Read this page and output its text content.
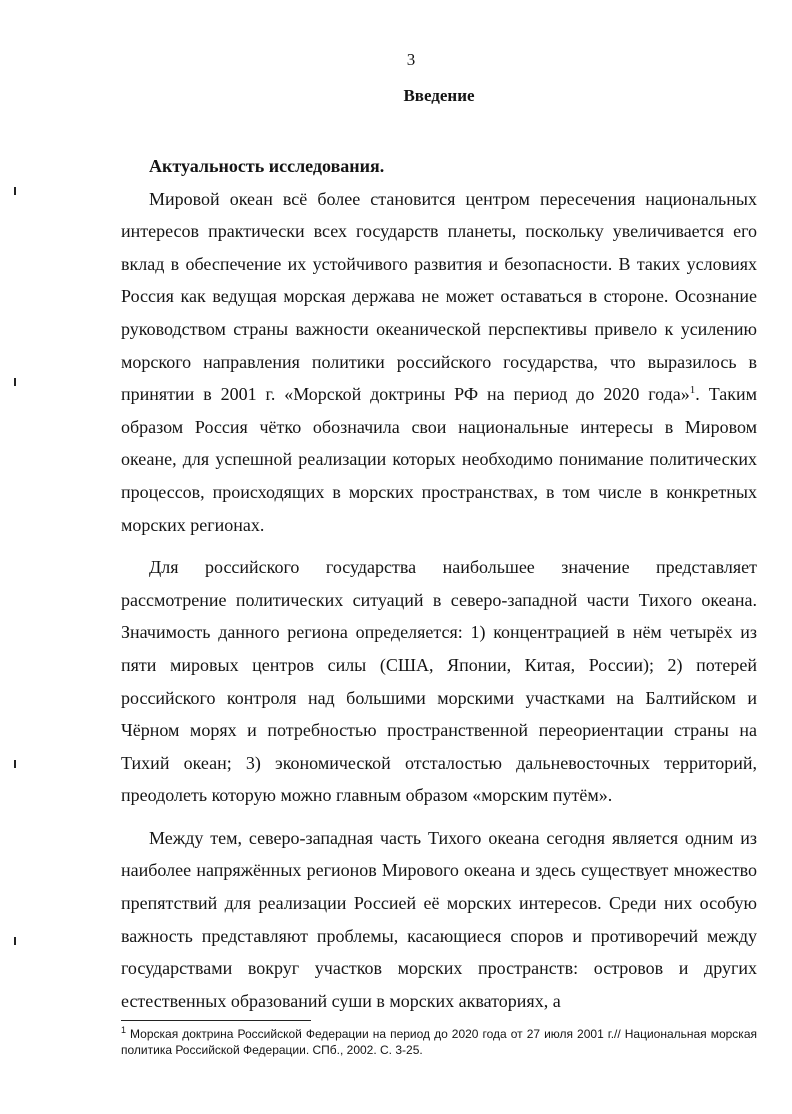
3
Введение

Актуальность исследования.

Мировой океан всё более становится центром пересечения национальных интересов практически всех государств планеты, поскольку увеличивается его вклад в обеспечение их устойчивого развития и безопасности. В таких условиях Россия как ведущая морская держава не может оставаться в стороне. Осознание руководством страны важности океанической перспективы привело к усилению морского направления политики российского государства, что выразилось в принятии в 2001 г. «Морской доктрины РФ на период до 2020 года»$^1$. Таким образом Россия чётко обозначила свои национальные интересы в Мировом океане, для успешной реализации которых необходимо понимание политических процессов, происходящих в морских пространствах, в том числе в конкретных морских регионах.

Для российского государства наибольшее значение представляет рассмотрение политических ситуаций в северо-западной части Тихого океана. Значимость данного региона определяется: 1) концентрацией в нём четырёх из пяти мировых центров силы (США, Японии, Китая, России); 2) потерей российского контроля над большими морскими участками на Балтийском и Чёрном морях и потребностью пространственной переориентации страны на Тихий океан; 3) экономической отсталостью дальневосточных территорий, преодолеть которую можно главным образом «морским путём».

Между тем, северо-западная часть Тихого океана сегодня является одним из наиболее напряжённых регионов Мирового океана и здесь существует множество препятствий для реализации Россией её морских интересов. Среди них особую важность представляют проблемы, касающиеся споров и противоречий между государствами вокруг участков морских пространств: островов и других естественных образований суши в морских акваториях, а

$^1$ Морская доктрина Российской Федерации на период до 2020 года от 27 июля 2001 г.// Национальная морская политика Российской Федерации. СПб., 2002. С. 3-25.
